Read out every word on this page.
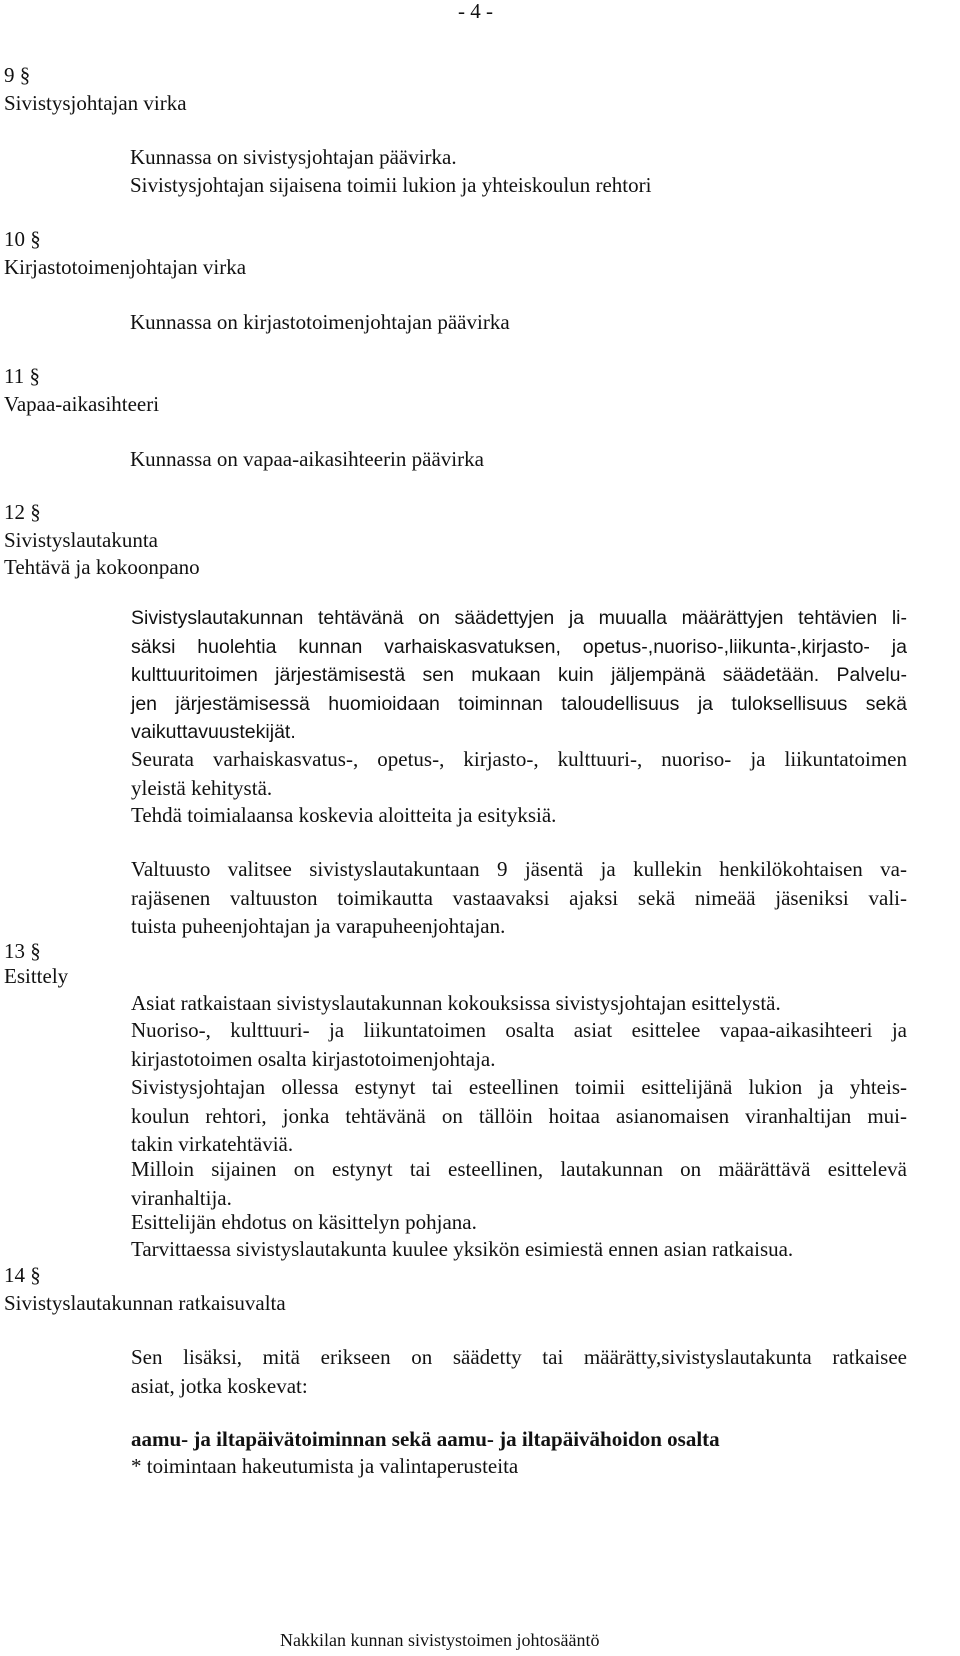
- 4 -

9 §

Sivistysjohtajan virka

Kunnassa on sivistysjohtajan päävirka.

Sivistysjohtajan sijaisena toimii lukion ja yhteiskoulun rehtori

10 §

Kirjastotoimenjohtajan virka

Kunnassa on kirjastotoimenjohtajan päävirka

11 §

Vapaa-aikasihteeri

Kunnassa on vapaa-aikasihteerin päävirka

12 §

Sivistyslautakunta

Tehtävä ja kokoonpano

Sivistyslautakunnan tehtävänä on säädettyjen ja muualla määrättyjen tehtävien li-
säksi huolehtia kunnan varhaiskasvatuksen, opetus-,nuoriso-,liikunta-,kirjasto- ja
kulttuuritoimen järjestämisestä sen mukaan kuin jäljempänä säädetään. Palvelu-
jen järjestämisessä huomioidaan toiminnan taloudellisuus ja tuloksellisuus sekä
vaikuttavuustekijät.
Seurata varhaiskasvatus-, opetus-, kirjasto-, kulttuuri-, nuoriso- ja liikuntatoimen
yleistä kehitystä.

Tehdä toimialaansa koskevia aloitteita ja esityksiä.

Valtuusto valitsee sivistyslautakuntaan 9 jäsentä ja kullekin henkilökohtaisen va-
rajäsenen valtuuston toimikautta vastaavaksi ajaksi sekä nimeää jäseniksi vali-
tuista puheenjohtajan ja varapuheenjohtajan.

13 §

Esittely

Asiat ratkaistaan sivistyslautakunnan kokouksissa sivistysjohtajan esittelystä.

Nuoriso-, kulttuuri- ja liikuntatoimen osalta asiat esittelee vapaa-aikasihteeri ja
kirjastotoimen osalta kirjastotoimenjohtaja.
Sivistysjohtajan ollessa estynyt tai esteellinen toimii esittelijänä lukion ja yhteis-
koulun rehtori, jonka tehtävänä on tällöin hoitaa asianomaisen viranhaltijan mui-
takin virkatehtäviä.
Milloin sijainen on estynyt tai esteellinen, lautakunnan on määrättävä esittelevä
viranhaltija.

Esittelijän ehdotus on käsittelyn pohjana.

Tarvittaessa sivistyslautakunta kuulee yksikön esimiestä ennen asian ratkaisua.

14 §

Sivistyslautakunnan ratkaisuvalta

Sen lisäksi, mitä erikseen on säädetty tai määrätty,sivistyslautakunta ratkaisee
asiat, jotka koskevat:

aamu- ja iltapäivätoiminnan sekä aamu- ja iltapäivähoidon osalta

* toimintaan hakeutumista ja valintaperusteita

Nakkilan kunnan sivistystoimen johtosääntö
